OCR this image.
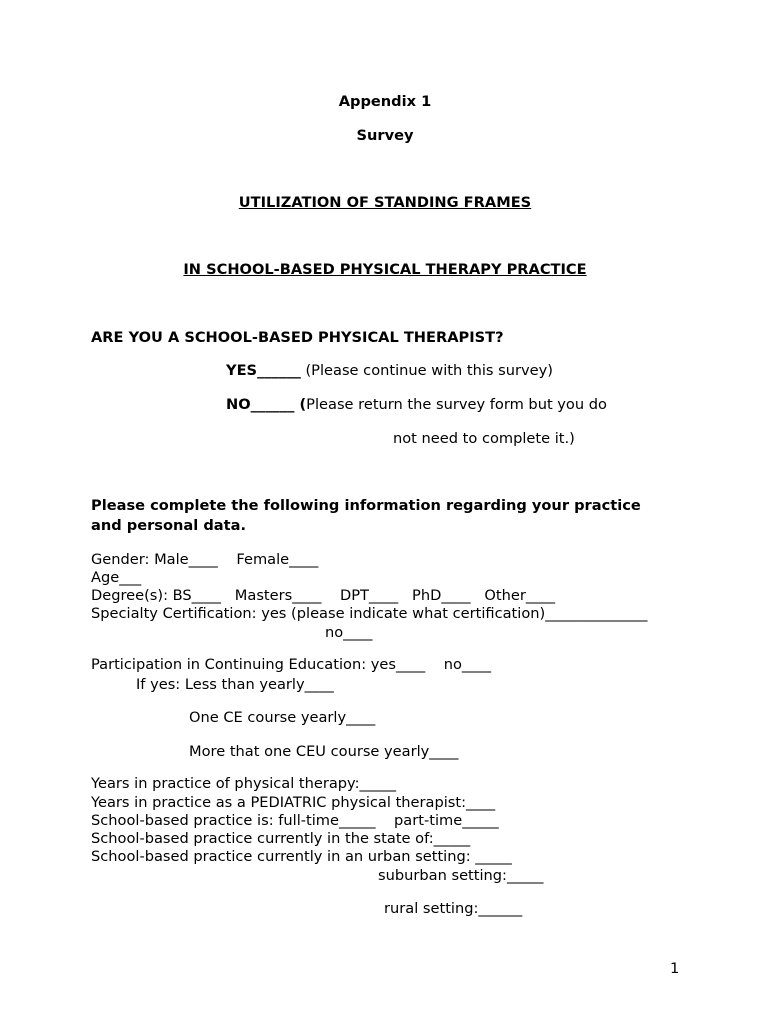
Appendix 1
Survey
UTILIZATION OF STANDING FRAMES
IN SCHOOL-BASED PHYSICAL THERAPY PRACTICE
ARE YOU A SCHOOL-BASED PHYSICAL THERAPIST?
YES______ (Please continue with this survey)
NO______ (Please return the survey form but you do
not need to complete it.)
Please complete the following information regarding your practice
and personal data.
Gender: Male____    Female____
Age___
Degree(s): BS____   Masters____    DPT____   PhD____   Other____
Specialty Certification: yes (please indicate what certification)______________
no____
Participation in Continuing Education: yes____    no____
If yes: Less than yearly____
One CE course yearly____
More that one CEU course yearly____
Years in practice of physical therapy:_____
Years in practice as a PEDIATRIC physical therapist:____
School-based practice is: full-time_____    part-time_____
School-based practice currently in the state of:_____
School-based practice currently in an urban setting: _____
suburban setting:_____
rural setting:______
1
